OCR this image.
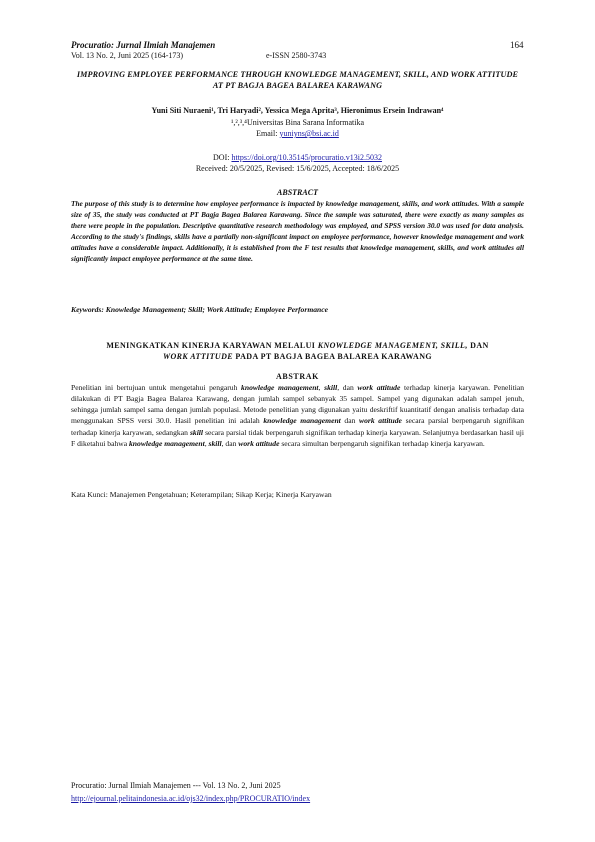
Procuratio: Jurnal Ilmiah Manajemen	164
Vol. 13 No. 2, Juni 2025 (164-173)	e-ISSN 2580-3743
IMPROVING EMPLOYEE PERFORMANCE THROUGH KNOWLEDGE MANAGEMENT, SKILL, AND WORK ATTITUDE AT PT BAGJA BAGEA BALAREA KARAWANG
Yuni Siti Nuraeni¹, Tri Haryadi², Yessica Mega Aprita³, Hieronimus Ersein Indrawan⁴
¹,²,³,⁴Universitas Bina Sarana Informatika
Email: yuniyns@bsi.ac.id
DOI: https://doi.org/10.35145/procuratio.v13i2.5032
Received: 20/5/2025, Revised: 15/6/2025, Accepted: 18/6/2025
ABSTRACT
The purpose of this study is to determine how employee performance is impacted by knowledge management, skills, and work attitudes. With a sample size of 35, the study was conducted at PT Bagja Bagea Balarea Karawang. Since the sample was saturated, there were exactly as many samples as there were people in the population. Descriptive quantitative research methodology was employed, and SPSS version 30.0 was used for data analysis. According to the study's findings, skills have a partially non-significant impact on employee performance, however knowledge management and work attitudes have a considerable impact. Additionally, it is established from the F test results that knowledge management, skills, and work attitudes all significantly impact employee performance at the same time.
Keywords: Knowledge Management; Skill; Work Attitude; Employee Performance
MENINGKATKAN KINERJA KARYAWAN MELALUI KNOWLEDGE MANAGEMENT, SKILL, DAN
WORK ATTITUDE PADA PT BAGJA BAGEA BALAREA KARAWANG
ABSTRAK
Penelitian ini bertujuan untuk mengetahui pengaruh knowledge management, skill, dan work attitude terhadap kinerja karyawan. Penelitian dilakukan di PT Bagja Bagea Balarea Karawang, dengan jumlah sampel sebanyak 35 sampel. Sampel yang digunakan adalah sampel jenuh, sehingga jumlah sampel sama dengan jumlah populasi. Metode penelitian yang digunakan yaitu deskriftif kuantitatif dengan analisis terhadap data menggunakan SPSS versi 30.0. Hasil penelitian ini adalah knowledge management dan work attitude secara parsial berpengaruh signifikan terhadap kinerja karyawan, sedangkan skill secara parsial tidak berpengaruh signifikan terhadap kinerja karyawan. Selanjutnya berdasarkan hasil uji F diketahui bahwa knowledge management, skill, dan work attitude secara simultan berpengaruh signifikan terhadap kinerja karyawan.
Kata Kunci: Manajemen Pengetahuan; Keterampilan; Sikap Kerja; Kinerja Karyawan
Procuratio: Jurnal Ilmiah Manajemen --- Vol. 13 No. 2, Juni 2025
http://ejournal.pelitaindonesia.ac.id/ojs32/index.php/PROCURATIO/index
